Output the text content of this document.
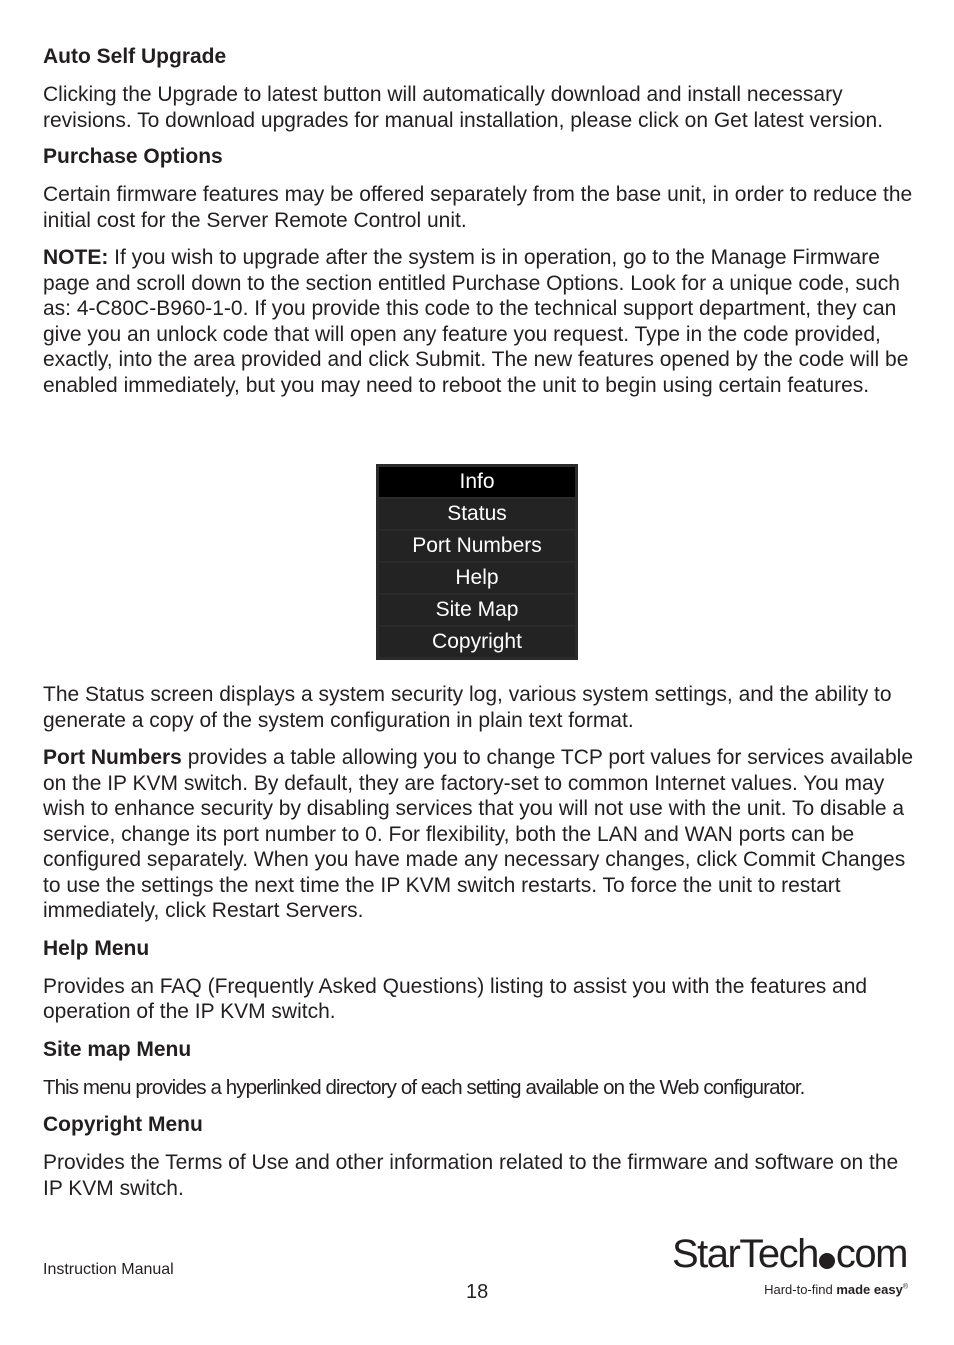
Auto Self Upgrade

Clicking the Upgrade to latest button will automatically download and install necessary revisions. To download upgrades for manual installation, please click on Get latest version.

Purchase Options

Certain firmware features may be offered separately from the base unit, in order to reduce the initial cost for the Server Remote Control unit.

NOTE: If you wish to upgrade after the system is in operation, go to the Manage Firmware page and scroll down to the section entitled Purchase Options. Look for a unique code, such as: 4-C80C-B960-1-0. If you provide this code to the technical support department, they can give you an unlock code that will open any feature you request. Type in the code provided, exactly, into the area provided and click Submit. The new features opened by the code will be enabled immediately, but you may need to reboot the unit to begin using certain features.

Info
Status
Port Numbers
Help
Site Map
Copyright

The Status screen displays a system security log, various system settings, and the ability to generate a copy of the system configuration in plain text format.

Port Numbers provides a table allowing you to change TCP port values for services available on the IP KVM switch. By default, they are factory-set to common Internet values. You may wish to enhance security by disabling services that you will not use with the unit. To disable a service, change its port number to 0. For flexibility, both the LAN and WAN ports can be configured separately. When you have made any necessary changes, click Commit Changes to use the settings the next time the IP KVM switch restarts. To force the unit to restart immediately, click Restart Servers.

Help Menu

Provides an FAQ (Frequently Asked Questions) listing to assist you with the features and operation of the IP KVM switch.

Site map Menu

This menu provides a hyperlinked directory of each setting available on the Web configurator.

Copyright Menu

Provides the Terms of Use and other information related to the firmware and software on the IP KVM switch.

Instruction Manual
18
StarTech com
Hard-to-find made easy®
